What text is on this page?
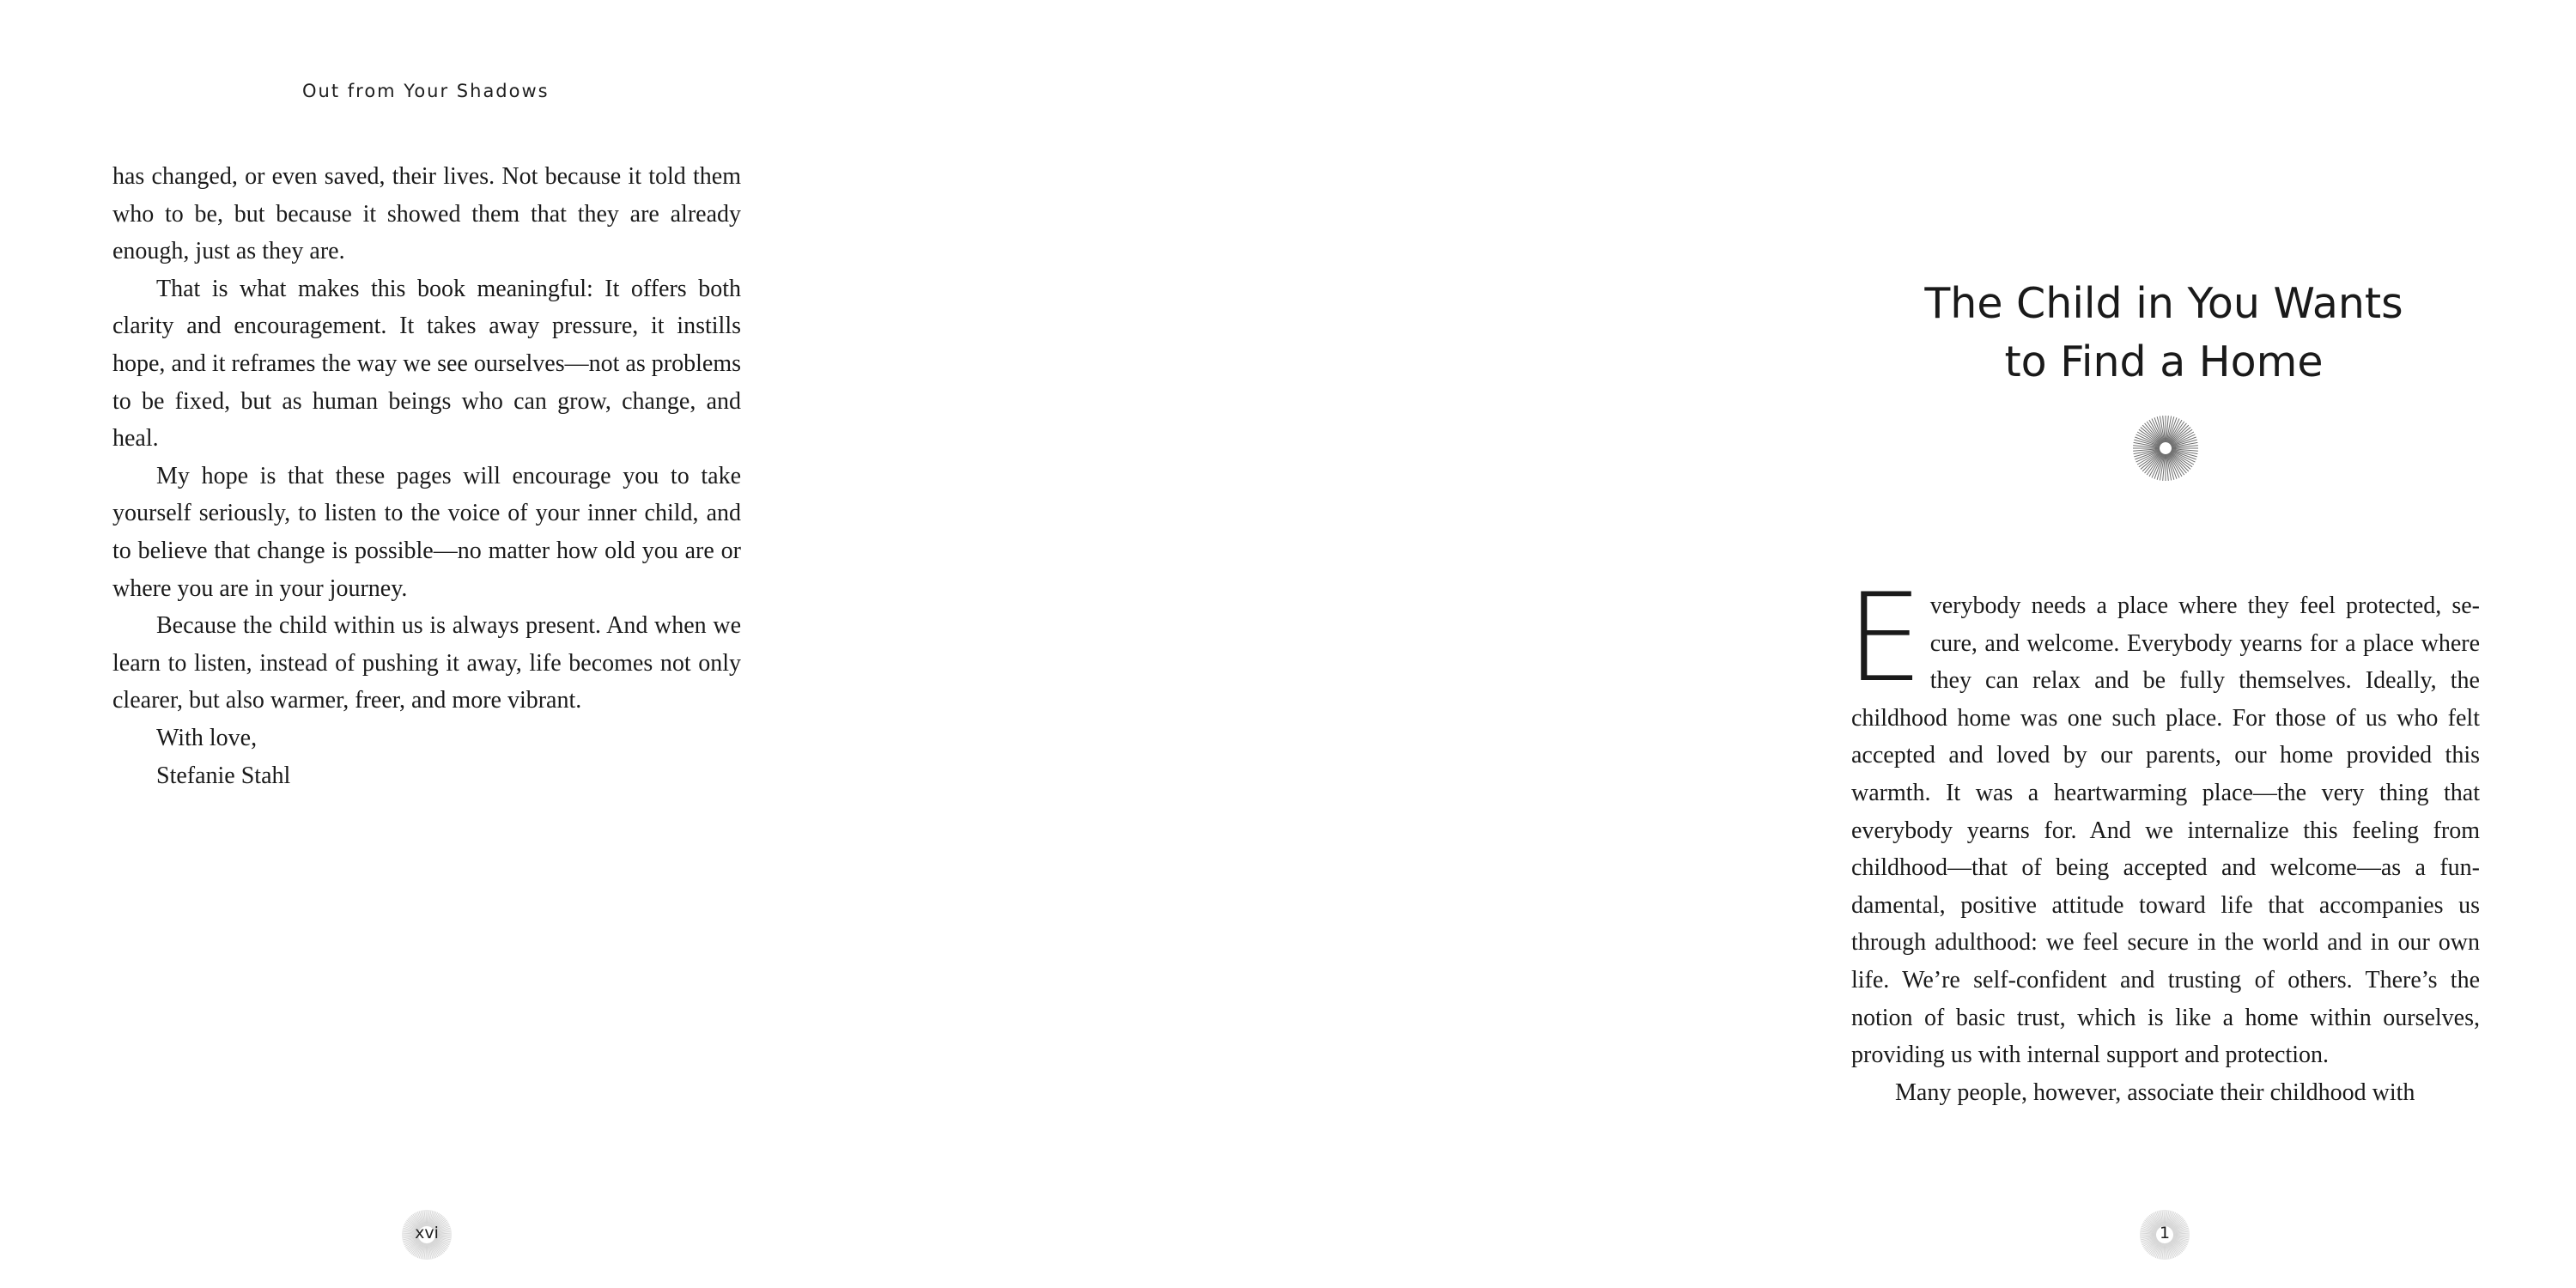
Out from Your Shadows

has changed, or even saved, their lives. Not because it told them who to be, but because it showed them that they are already enough, just as they are.

That is what makes this book meaningful: It offers both clarity and encouragement. It takes away pressure, it instills hope, and it reframes the way we see ourselves—not as problems to be fixed, but as human beings who can grow, change, and heal.

My hope is that these pages will encourage you to take yourself seriously, to listen to the voice of your inner child, and to believe that change is possible—no matter how old you are or where you are in your journey.

Because the child within us is always present. And when we learn to listen, instead of pushing it away, life becomes not only clearer, but also warmer, freer, and more vibrant.

With love,

Stefanie Stahl

xvi
The Child in You Wants
to Find a Home

Everybody needs a place where they feel protected, secure, and welcome. Everybody yearns for a place where they can relax and be fully themselves. Ideally, the childhood home was one such place. For those of us who felt accepted and loved by our parents, our home provided this warmth. It was a heartwarming place—the very thing that everybody yearns for. And we internalize this feeling from childhood—that of being accepted and welcome—as a fundamental, positive attitude toward life that accompanies us through adulthood: we feel secure in the world and in our own life. We’re self-confident and trusting of others. There’s the notion of basic trust, which is like a home within ourselves, providing us with internal support and protection.

Many people, however, associate their childhood with

1
